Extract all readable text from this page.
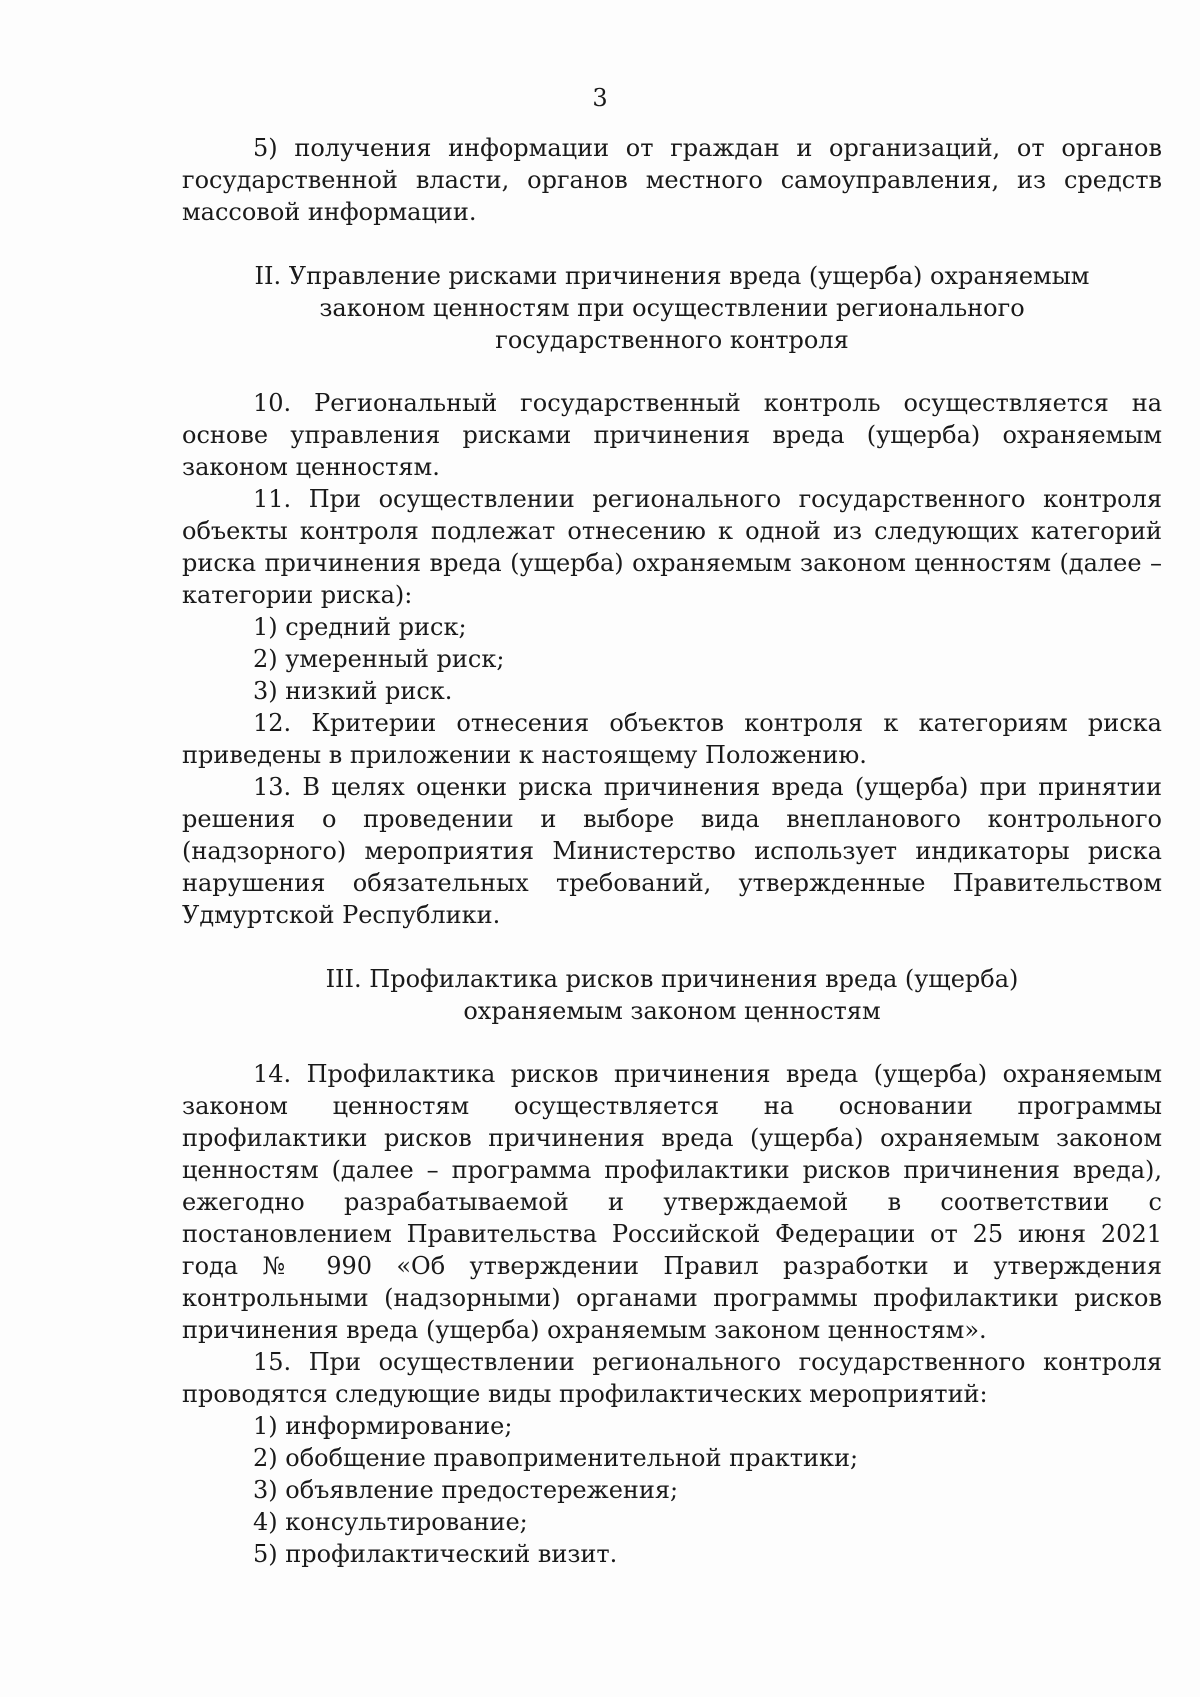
3

5) получения информации от граждан и организаций, от органов государственной власти, органов местного самоуправления, из средств массовой информации.

II. Управление рисками причинения вреда (ущерба) охраняемым
законом ценностям при осуществлении регионального
государственного контроля

10. Региональный государственный контроль осуществляется на основе управления рисками причинения вреда (ущерба) охраняемым законом ценностям.

11. При осуществлении регионального государственного контроля объекты контроля подлежат отнесению к одной из следующих категорий риска причинения вреда (ущерба) охраняемым законом ценностям (далее – категории риска):

1) средний риск;

2) умеренный риск;

3) низкий риск.

12. Критерии отнесения объектов контроля к категориям риска приведены в приложении к настоящему Положению.

13. В целях оценки риска причинения вреда (ущерба) при принятии решения о проведении и выборе вида внепланового контрольного (надзорного) мероприятия Министерство использует индикаторы риска нарушения обязательных требований, утвержденные Правительством Удмуртской Республики.

III. Профилактика рисков причинения вреда (ущерба)
охраняемым законом ценностям

14. Профилактика рисков причинения вреда (ущерба) охраняемым законом ценностям осуществляется на основании программы профилактики рисков причинения вреда (ущерба) охраняемым законом ценностям (далее – программа профилактики рисков причинения вреда), ежегодно разрабатываемой и утверждаемой в соответствии с постановлением Правительства Российской Федерации от 25 июня 2021 года № 990 «Об утверждении Правил разработки и утверждения контрольными (надзорными) органами программы профилактики рисков причинения вреда (ущерба) охраняемым законом ценностям».

15. При осуществлении регионального государственного контроля проводятся следующие виды профилактических мероприятий:

1) информирование;

2) обобщение правоприменительной практики;

3) объявление предостережения;

4) консультирование;

5) профилактический визит.
